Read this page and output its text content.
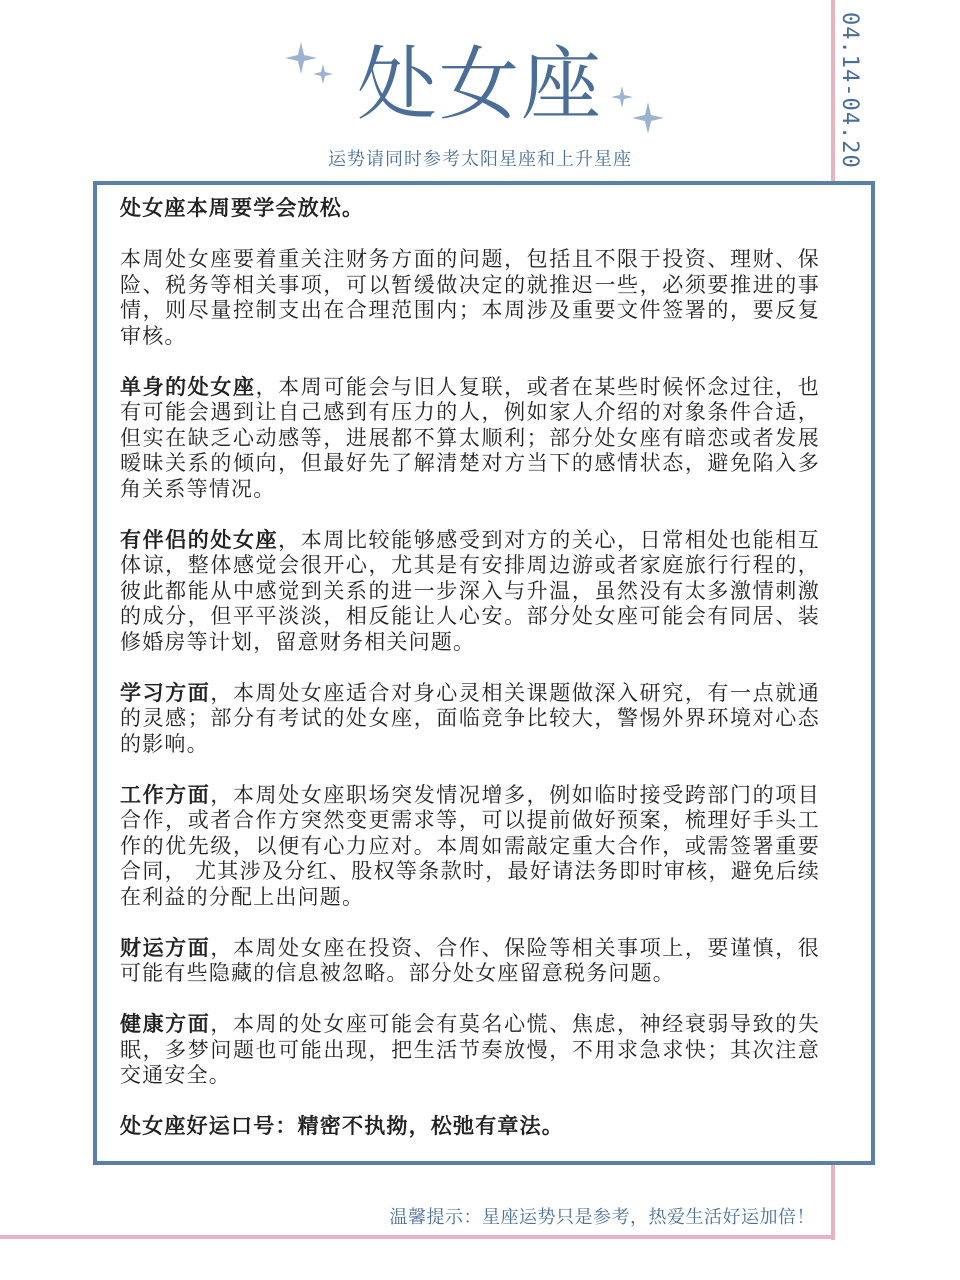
04.14-04.20
处女座
运势请同时参考太阳星座和上升星座

处女座本周要学会放松。

本周处女座要着重关注财务方面的问题，包括且不限于投资、理财、保险、税务等相关事项，可以暂缓做决定的就推迟一些，必须要推进的事情，则尽量控制支出在合理范围内；本周涉及重要文件签署的，要反复审核。

单身的处女座，本周可能会与旧人复联，或者在某些时候怀念过往，也有可能会遇到让自己感到有压力的人，例如家人介绍的对象条件合适，但实在缺乏心动感等，进展都不算太顺利；部分处女座有暗恋或者发展暧昧关系的倾向，但最好先了解清楚对方当下的感情状态，避免陷入多角关系等情况。

有伴侣的处女座，本周比较能够感受到对方的关心，日常相处也能相互体谅，整体感觉会很开心，尤其是有安排周边游或者家庭旅行行程的，彼此都能从中感觉到关系的进一步深入与升温，虽然没有太多激情刺激的成分，但平平淡淡，相反能让人心安。部分处女座可能会有同居、装修婚房等计划，留意财务相关问题。

学习方面，本周处女座适合对身心灵相关课题做深入研究，有一点就通的灵感；部分有考试的处女座，面临竞争比较大，警惕外界环境对心态的影响。

工作方面，本周处女座职场突发情况增多，例如临时接受跨部门的项目合作，或者合作方突然变更需求等，可以提前做好预案，梳理好手头工作的优先级，以便有心力应对。本周如需敲定重大合作，或需签署重要合同， 尤其涉及分红、股权等条款时，最好请法务即时审核，避免后续在利益的分配上出问题。

财运方面，本周处女座在投资、合作、保险等相关事项上，要谨慎，很可能有些隐藏的信息被忽略。部分处女座留意税务问题。

健康方面，本周的处女座可能会有莫名心慌、焦虑，神经衰弱导致的失眠，多梦问题也可能出现，把生活节奏放慢，不用求急求快；其次注意交通安全。

处女座好运口号：精密不执拗，松弛有章法。

温馨提示：星座运势只是参考，热爱生活好运加倍！
